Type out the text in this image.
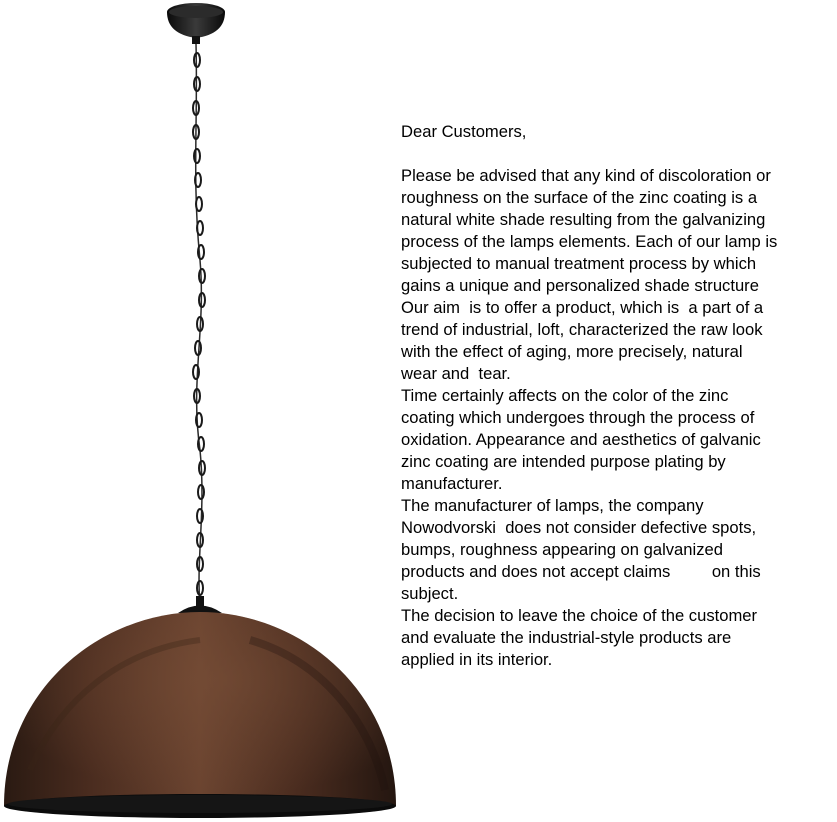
Dear Customers,
Please be advised that any kind of discoloration or
roughness on the surface of the zinc coating is a
natural white shade resulting from the galvanizing
process of the lamps elements. Each of our lamp is
subjected to manual treatment process by which
gains a unique and personalized shade structure
Our aim  is to offer a product, which is  a part of a
trend of industrial, loft, characterized the raw look
with the effect of aging, more precisely, natural
wear and  tear.
Time certainly affects on the color of the zinc
coating which undergoes through the process of
oxidation. Appearance and aesthetics of galvanic
zinc coating are intended purpose plating by
manufacturer.
The manufacturer of lamps, the company
Nowodvorski  does not consider defective spots,
bumps, roughness appearing on galvanized
products and does not accept claims         on this
subject.
The decision to leave the choice of the customer
and evaluate the industrial-style products are
applied in its interior.
